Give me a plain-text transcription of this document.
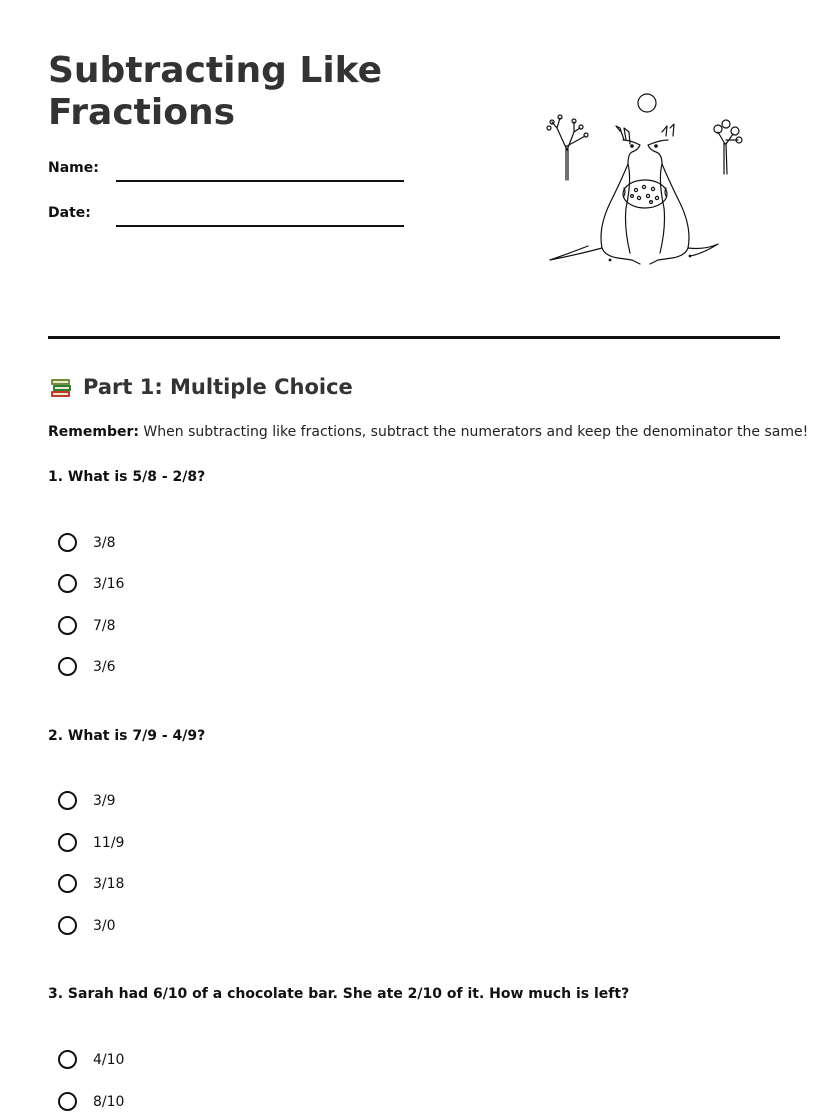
Subtracting Like Fractions
Name:
Date:
Part 1: Multiple Choice
Remember: When subtracting like fractions, subtract the numerators and keep the denominator the same!
1. What is 5/8 - 2/8?
3/8
3/16
7/8
3/6
2. What is 7/9 - 4/9?
3/9
11/9
3/18
3/0
3. Sarah had 6/10 of a chocolate bar. She ate 2/10 of it. How much is left?
4/10
8/10
